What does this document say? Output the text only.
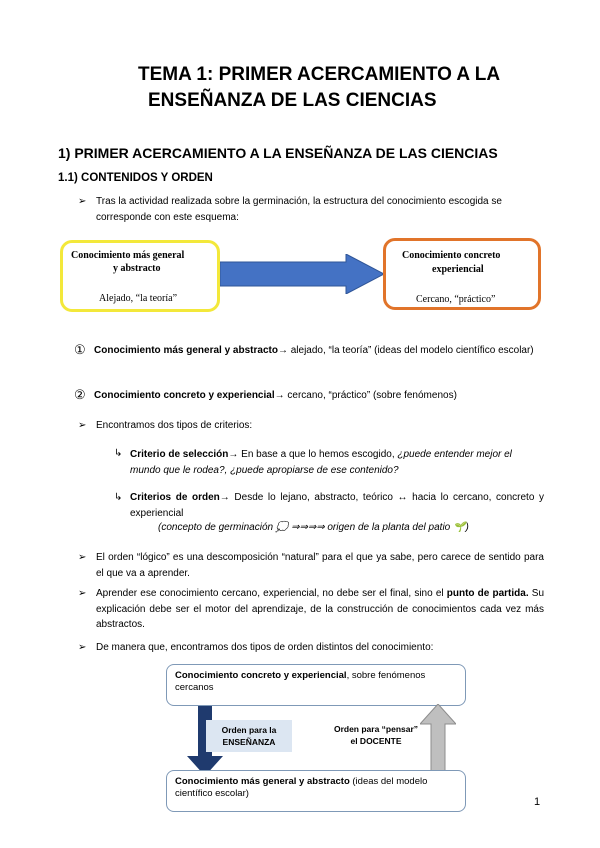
TEMA 1: PRIMER ACERCAMIENTO A LA
ENSEÑANZA DE LAS CIENCIAS
1) PRIMER ACERCAMIENTO A LA ENSEÑANZA DE LAS CIENCIAS
1.1) CONTENIDOS Y ORDEN
➢ Tras la actividad realizada sobre la germinación, la estructura del conocimiento escogida se corresponde con este esquema:
Conocimiento más general
y abstracto
Alejado, “la teoría”
Conocimiento concreto
experiencial
Cercano, “práctico”
① Conocimiento más general y abstracto→ alejado, “la teoría” (ideas del modelo científico escolar)
② Conocimiento concreto y experiencial→ cercano, “práctico” (sobre fenómenos)
➢ Encontramos dos tipos de criterios:
↳ Criterio de selección→ En base a que lo hemos escogido, ¿puede entender mejor el mundo que le rodea?, ¿puede apropiarse de ese contenido?
↳ Criterios de orden→ Desde lo lejano, abstracto, teórico ↔ hacia lo cercano, concreto y experiencial
(concepto de germinación 💭 ⇒⇒⇒⇒ origen de la planta del patio 🌱)
➢ El orden “lógico” es una descomposición “natural” para el que ya sabe, pero carece de sentido para el que va a aprender.
➢ Aprender ese conocimiento cercano, experiencial, no debe ser el final, sino el punto de partida. Su explicación debe ser el motor del aprendizaje, de la construcción de conocimientos cada vez más abstractos.
➢ De manera que, encontramos dos tipos de orden distintos del conocimiento:
Conocimiento concreto y experiencial, sobre fenómenos cercanos
Orden para la
ENSEÑANZA
Orden para “pensar”
el DOCENTE
Conocimiento más general y abstracto (ideas del modelo científico escolar)
1
